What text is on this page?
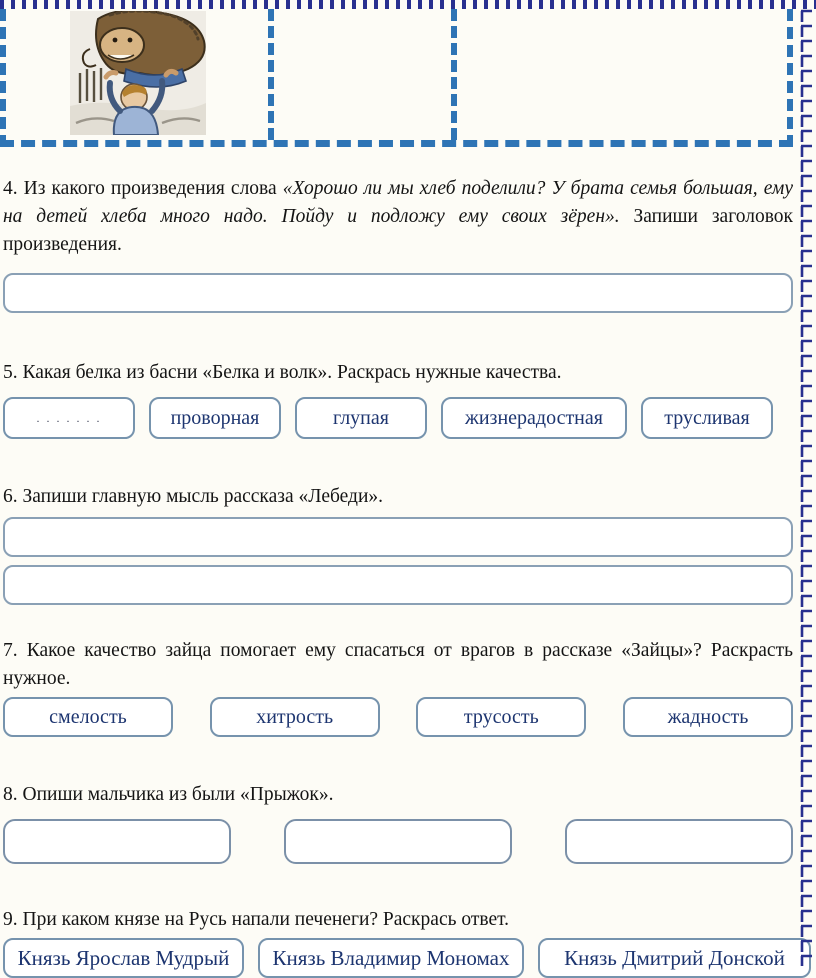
4. Из какого произведения слова «Хорошо ли мы хлеб поделили? У брата семья большая, ему на детей хлеба много надо. Пойду и подложу ему своих зёрен». Запиши заголовок произведения.
5. Какая белка из басни «Белка и волк». Раскрась нужные качества.
. . . . . . .	проворная	глупая	жизнерадостная	трусливая
6. Запиши главную мысль рассказа «Лебеди».
7. Какое качество зайца помогает ему спасаться от врагов в рассказе «Зайцы»? Раскрасть нужное.
смелость	хитрость	трусость	жадность
8. Опиши мальчика из были «Прыжок».
9. При каком князе на Русь напали печенеги? Раскрась ответ.
Князь Ярослав Мудрый	Князь Владимир Мономах	Князь Дмитрий Донской
